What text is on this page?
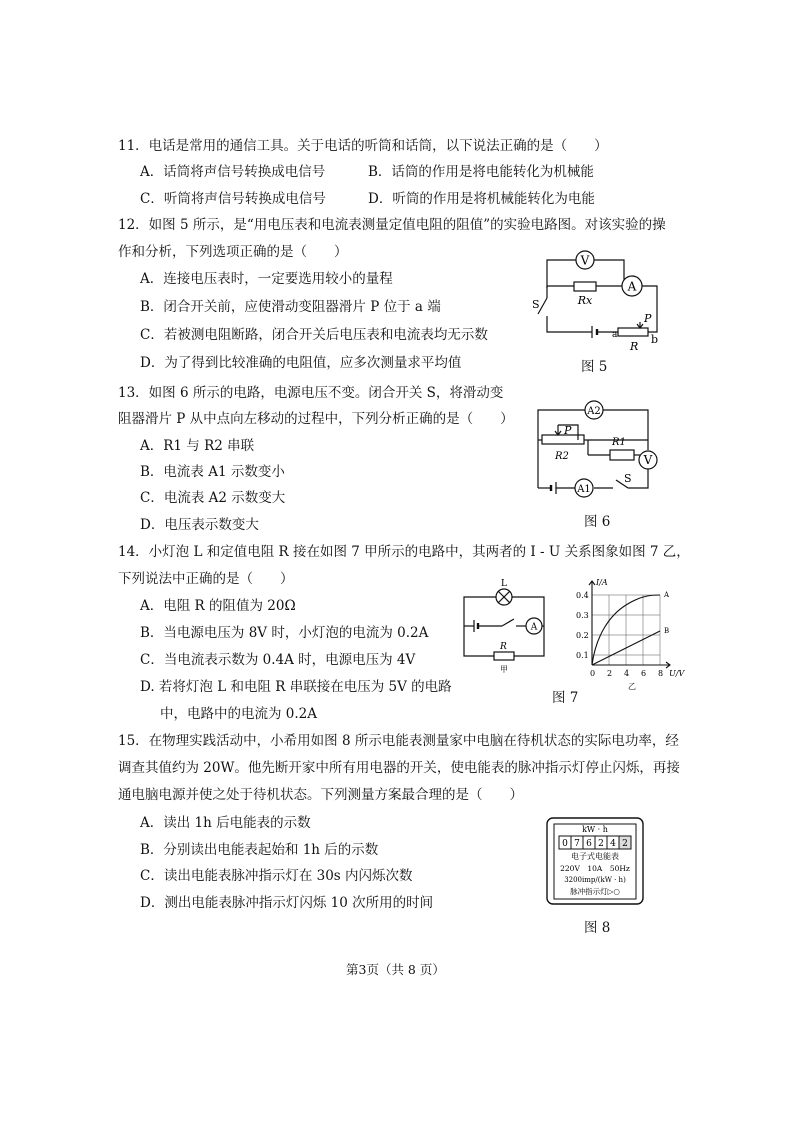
11．电话是常用的通信工具。关于电话的听筒和话筒，以下说法正确的是（　　）
A．话筒将声信号转换成电信号	B．话筒的作用是将电能转化为机械能
C．听筒将声信号转换成电信号	D．听筒的作用是将机械能转化为电能
12．如图 5 所示，是“用电压表和电流表测量定值电阻的阻值”的实验电路图。对该实验的操
作和分析，下列选项正确的是（　　）
A．连接电压表时，一定要选用较小的量程
B．闭合开关前，应使滑动变阻器滑片 P 位于 a 端
C．若被测电阻断路，闭合开关后电压表和电流表均无示数
D．为了得到比较准确的电阻值，应多次测量求平均值
V
A
Rx
S
a	b
P
R
图 5
13．如图 6 所示的电路，电源电压不变。闭合开关 S，将滑动变
阻器滑片 P 从中点向左移动的过程中，下列分析正确的是（　　）
A．R1 与 R2 串联
B．电流表 A1 示数变小
C．电流表 A2 示数变大
D．电压表示数变大
A2
A1
V
P
R1
R2
S
图 6
14．小灯泡 L 和定值电阻 R 接在如图 7 甲所示的电路中，其两者的 I - U 关系图象如图 7 乙，
下列说法中正确的是（　　）
A．电阻 R 的阻值为 20Ω
B．当电源电压为 8V 时，小灯泡的电流为 0.2A
C．当电流表示数为 0.4A 时，电源电压为 4V
D. 若将灯泡 L 和电阻 R 串联接在电压为 5V 的电路
中，电路中的电流为 0.2A
L
A
R
甲
I/A
U/V
0.4
0.3
0.2
0.1
0 2 4 6 8
A
B
乙
图 7
15．在物理实践活动中，小希用如图 8 所示电能表测量家中电脑在待机状态的实际电功率，经
调查其值约为 20W。他先断开家中所有用电器的开关，使电能表的脉冲指示灯停止闪烁，再接
通电脑电源并使之处于待机状态。下列测量方案最合理的是（　　）
A．读出 1h 后电能表的示数
B．分别读出电能表起始和 1h 后的示数
C．读出电能表脉冲指示灯在 30s 内闪烁次数
D．测出电能表脉冲指示灯闪烁 10 次所用的时间
kW · h
0 7 6 2 4 2
电子式电能表
220V　10A　50Hz
3200imp/(kW · h)
脉冲指示灯▷○
图 8
第3页（共 8 页）
